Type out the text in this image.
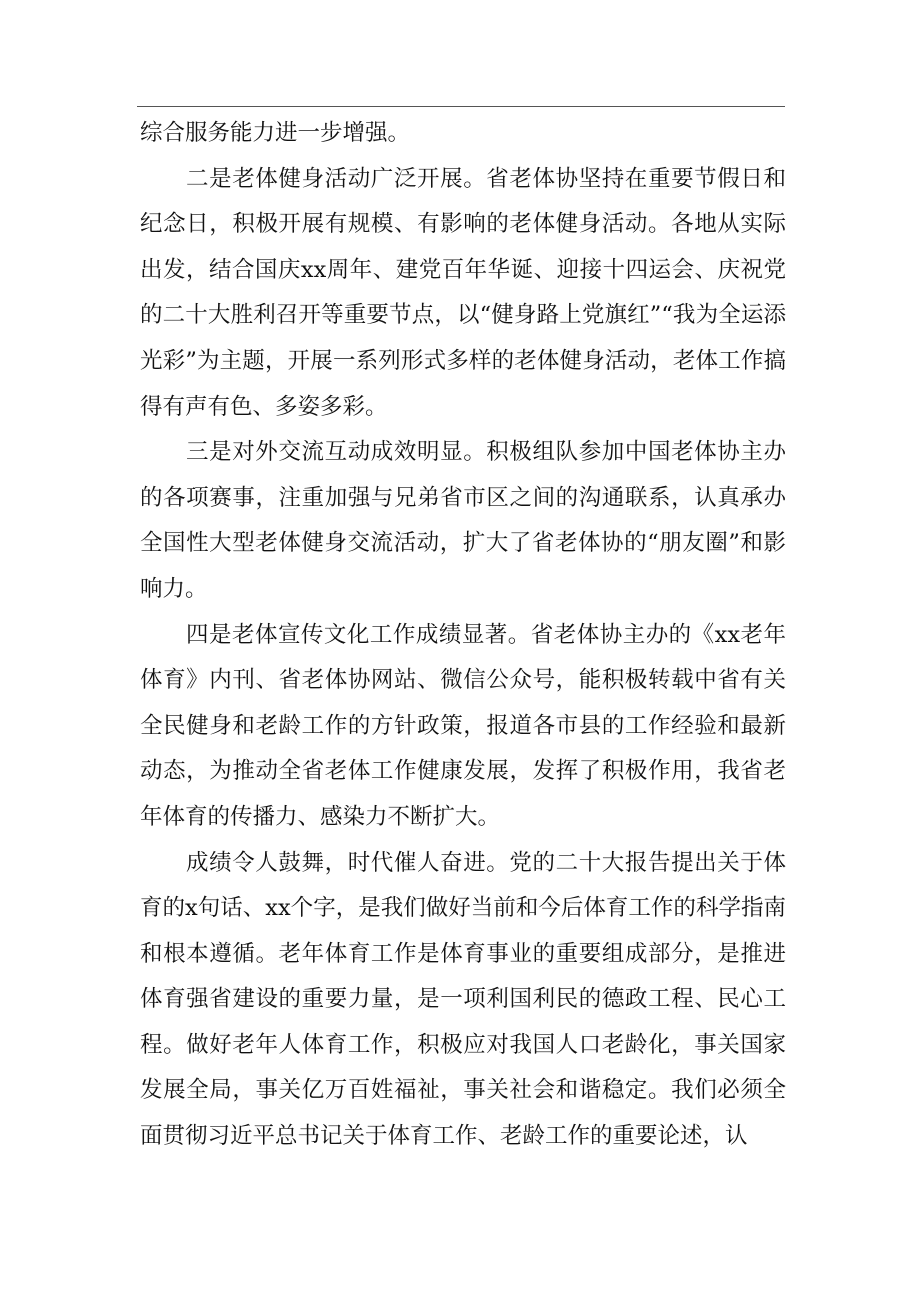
综合服务能力进一步增强。

二是老体健身活动广泛开展。省老体协坚持在重要节假日和纪念日，积极开展有规模、有影响的老体健身活动。各地从实际出发，结合国庆xx周年、建党百年华诞、迎接十四运会、庆祝党的二十大胜利召开等重要节点，以“健身路上党旗红”“我为全运添光彩”为主题，开展一系列形式多样的老体健身活动，老体工作搞得有声有色、多姿多彩。

三是对外交流互动成效明显。积极组队参加中国老体协主办的各项赛事，注重加强与兄弟省市区之间的沟通联系，认真承办全国性大型老体健身交流活动，扩大了省老体协的“朋友圈”和影响力。

四是老体宣传文化工作成绩显著。省老体协主办的《xx老年体育》内刊、省老体协网站、微信公众号，能积极转载中省有关全民健身和老龄工作的方针政策，报道各市县的工作经验和最新动态，为推动全省老体工作健康发展，发挥了积极作用，我省老年体育的传播力、感染力不断扩大。

成绩令人鼓舞，时代催人奋进。党的二十大报告提出关于体育的x句话、xx个字，是我们做好当前和今后体育工作的科学指南和根本遵循。老年体育工作是体育事业的重要组成部分，是推进体育强省建设的重要力量，是一项利国利民的德政工程、民心工程。做好老年人体育工作，积极应对我国人口老龄化，事关国家发展全局，事关亿万百姓福祉，事关社会和谐稳定。我们必须全面贯彻习近平总书记关于体育工作、老龄工作的重要论述，认
